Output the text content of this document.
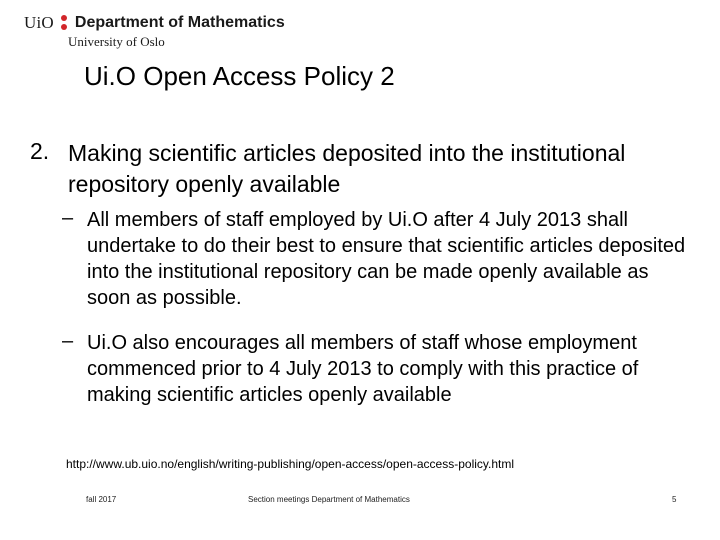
UiO Department of Mathematics
University of Oslo
Ui.O Open Access Policy 2
2. Making scientific articles deposited into the institutional repository openly available
– All members of staff employed by Ui.O after 4 July 2013 shall undertake to do their best to ensure that scientific articles deposited into the institutional repository can be made openly available as soon as possible.
– Ui.O also encourages all members of staff whose employment commenced prior to 4 July 2013 to comply with this practice of making scientific articles openly available
http://www.ub.uio.no/english/writing-publishing/open-access/open-access-policy.html
fall 2017	Section meetings Department of Mathematics	5
